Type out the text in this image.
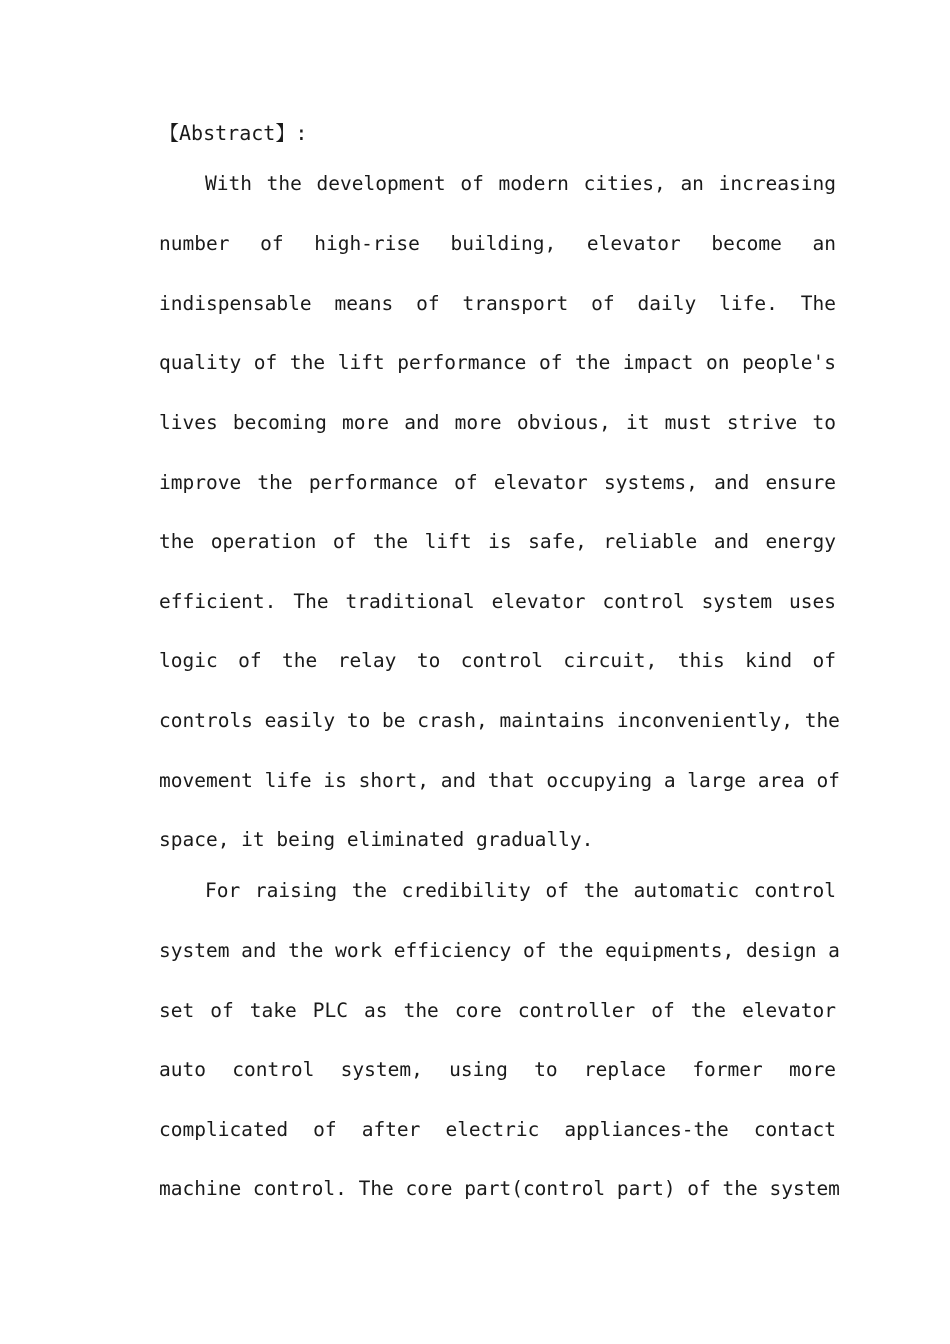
【Abstract】:
With the development of modern cities, an increasing
number of high-rise building, elevator become an
indispensable means of transport of daily life. The
quality of the lift performance of the impact on people's
lives becoming more and more obvious, it must strive to
improve the performance of elevator systems, and ensure
the operation of the lift is safe, reliable and energy
efficient. The traditional elevator control system uses
logic of the relay to control circuit, this kind of
controls easily to be crash, maintains inconveniently, the
movement life is short, and that occupying a large area of
space, it being eliminated gradually.
For raising the credibility of the automatic control
system and the work efficiency of the equipments, design a
set of take PLC as the core controller of the elevator
auto control system, using to replace former more
complicated of after electric appliances-the contact
machine control. The core part(control part) of the system
